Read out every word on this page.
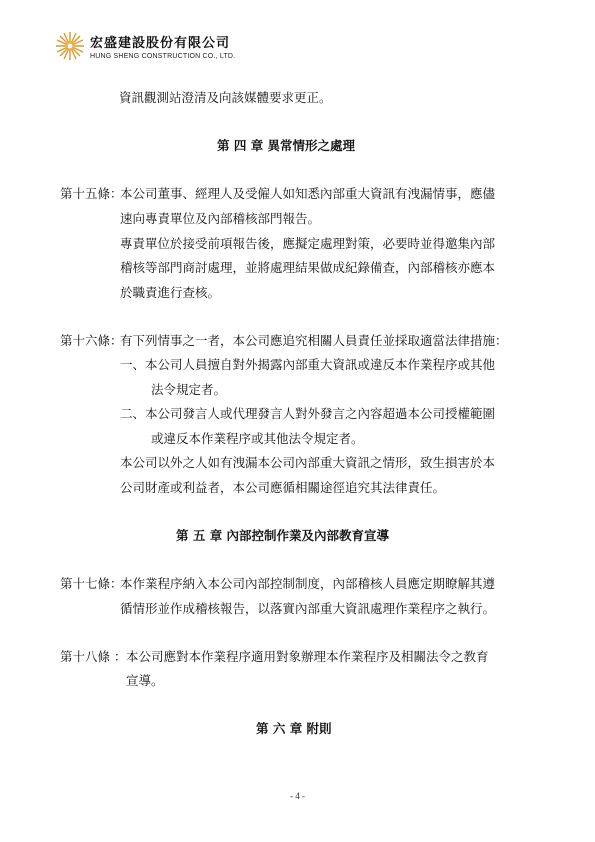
宏盛建設股份有限公司
HUNG SHENG CONSTRUCTION CO., LTD.
資訊觀測站澄清及向該媒體要求更正。
第 四 章 異常情形之處理
第十五條：
本公司董事、經理人及受僱人如知悉內部重大資訊有洩漏情事，應儘
速向專責單位及內部稽核部門報告。
專責單位於接受前項報告後，應擬定處理對策，必要時並得邀集內部
稽核等部門商討處理，並將處理結果做成紀錄備查，內部稽核亦應本
於職責進行查核。
第十六條：
有下列情事之一者，本公司應追究相關人員責任並採取適當法律措施：
一、本公司人員擅自對外揭露內部重大資訊或違反本作業程序或其他
法令規定者。
二、本公司發言人或代理發言人對外發言之內容超過本公司授權範圍
或違反本作業程序或其他法令規定者。
本公司以外之人如有洩漏本公司內部重大資訊之情形，致生損害於本
公司財產或利益者，本公司應循相關途徑追究其法律責任。
第 五 章 內部控制作業及內部教育宣導
第十七條：
本作業程序納入本公司內部控制制度，內部稽核人員應定期瞭解其遵
循情形並作成稽核報告，以落實內部重大資訊處理作業程序之執行。
第十八條 ： 本公司應對本作業程序適用對象辦理本作業程序及相關法令之教育
宣導。
第 六 章 附則
- 4 -
